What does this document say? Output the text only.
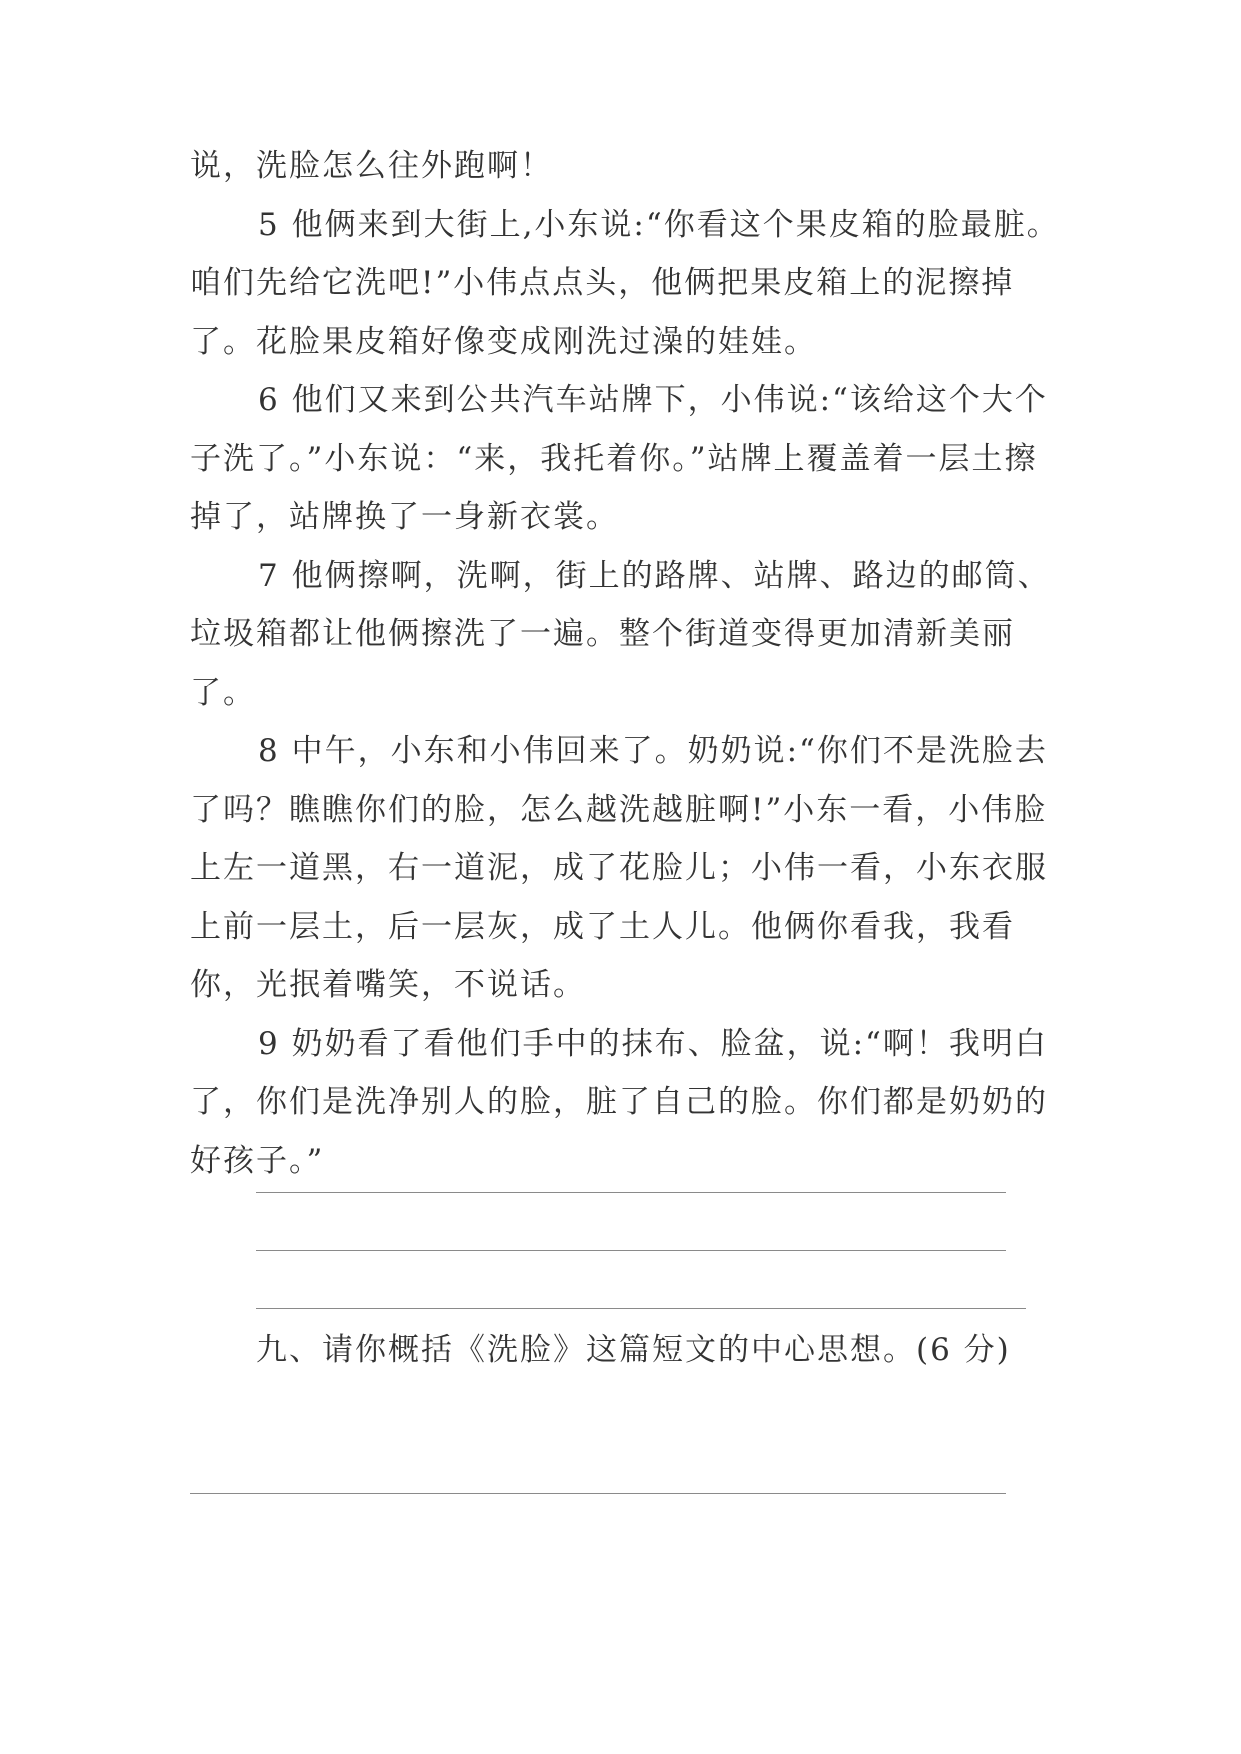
说，洗脸怎么往外跑啊！

5 他俩来到大街上,小东说:“你看这个果皮箱的脸最脏。咱们先给它洗吧!”小伟点点头，他俩把果皮箱上的泥擦掉了。花脸果皮箱好像变成刚洗过澡的娃娃。

6 他们又来到公共汽车站牌下，小伟说:“该给这个大个子洗了。”小东说：“来，我托着你。”站牌上覆盖着一层土擦掉了，站牌换了一身新衣裳。

7 他俩擦啊，洗啊，街上的路牌、站牌、路边的邮筒、垃圾箱都让他俩擦洗了一遍。整个街道变得更加清新美丽了。

8 中午，小东和小伟回来了。奶奶说:“你们不是洗脸去了吗？瞧瞧你们的脸，怎么越洗越脏啊!”小东一看，小伟脸上左一道黑，右一道泥，成了花脸儿；小伟一看，小东衣服上前一层土，后一层灰，成了土人儿。他俩你看我，我看你，光抿着嘴笑，不说话。

9 奶奶看了看他们手中的抹布、脸盆，说:“啊！我明白了，你们是洗净别人的脸，脏了自己的脸。你们都是奶奶的好孩子。”

九、请你概括《洗脸》这篇短文的中心思想。(6 分)
